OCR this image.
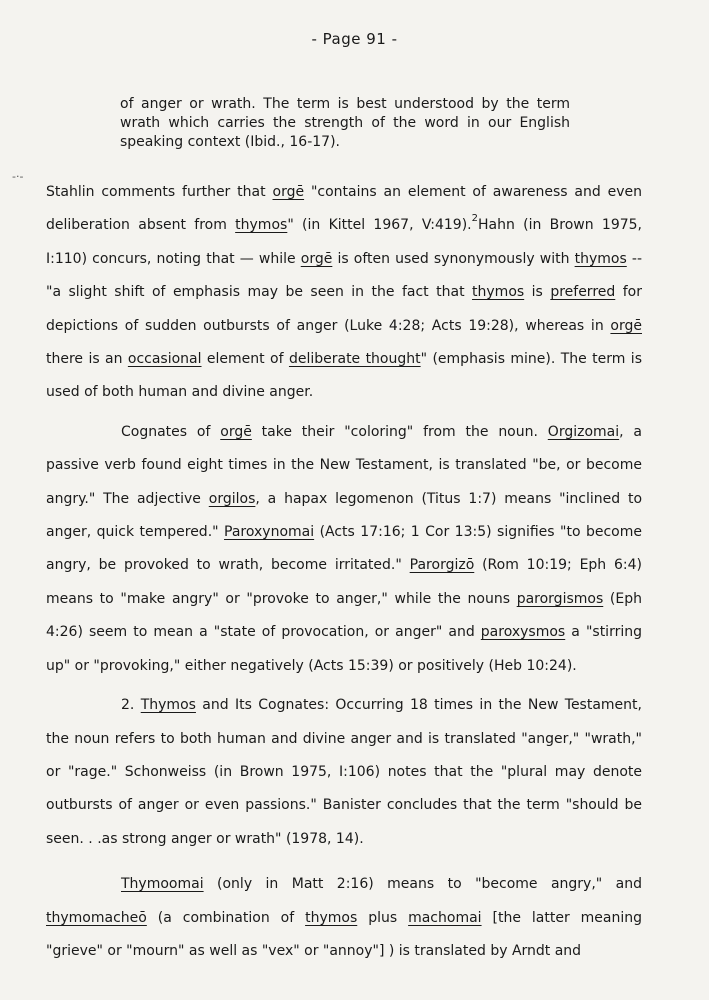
- Page 91 -
-·-
of anger or wrath. The term is best understood by the term wrath which carries the strength of the word in our English speaking context (Ibid., 16-17).

Stahlin comments further that orgē "contains an element of awareness and even deliberation absent from thymos" (in Kittel 1967, V:419).$^2$Hahn (in Brown 1975, I:110) concurs, noting that — while orgē is often used synonymously with thymos -- "a slight shift of emphasis may be seen in the fact that thymos is preferred for depictions of sudden outbursts of anger (Luke 4:28; Acts 19:28), whereas in orgē there is an occasional element of deliberate thought" (emphasis mine). The term is used of both human and divine anger.

Cognates of orgē take their "coloring" from the noun. Orgizomai, a passive verb found eight times in the New Testament, is translated "be, or become angry." The adjective orgilos, a hapax legomenon (Titus 1:7) means "inclined to anger, quick tempered." Paroxynomai (Acts 17:16; 1 Cor 13:5) signifies "to become angry, be provoked to wrath, become irritated." Parorgizō (Rom 10:19; Eph 6:4) means to "make angry" or "provoke to anger," while the nouns parorgismos (Eph 4:26) seem to mean a "state of provocation, or anger" and paroxysmos a "stirring up" or "provoking," either negatively (Acts 15:39) or positively (Heb 10:24).

2. Thymos and Its Cognates: Occurring 18 times in the New Testament, the noun refers to both human and divine anger and is translated "anger," "wrath," or "rage." Schonweiss (in Brown 1975, I:106) notes that the "plural may denote outbursts of anger or even passions." Banister concludes that the term "should be seen. . .as strong anger or wrath" (1978, 14).

Thymoomai (only in Matt 2:16) means to "become angry," and thymomacheō (a combination of thymos plus machomai [the latter meaning "grieve" or "mourn" as well as "vex" or "annoy"] ) is translated by Arndt and
